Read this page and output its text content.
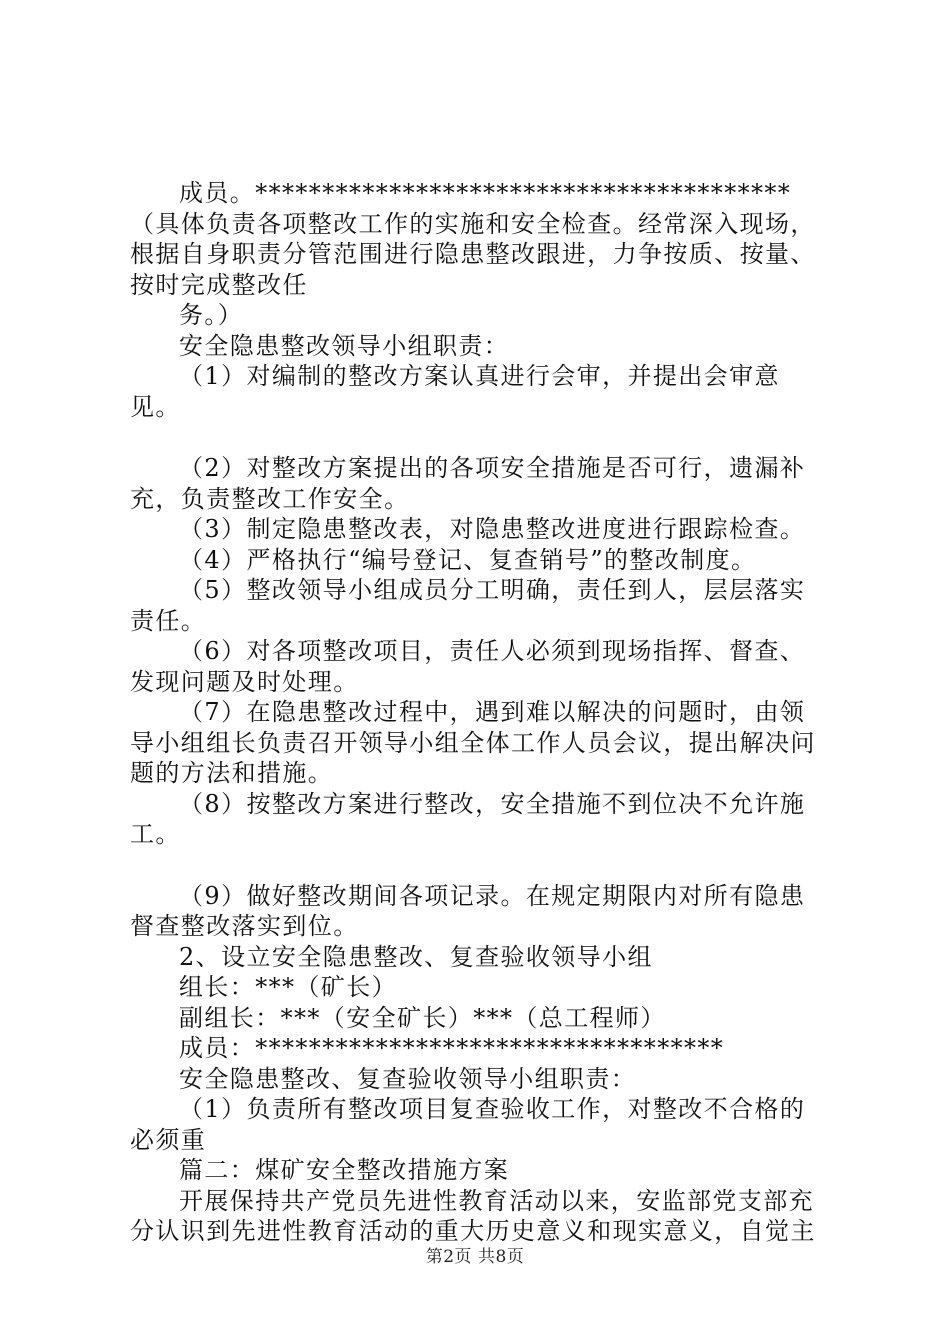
成员。****************************************（具体负责各项整改工作的实施和安全检查。经常深入现场，根据自身职责分管范围进行隐患整改跟进，力争按质、按量、按时完成整改任

务。）

安全隐患整改领导小组职责：

（1）对编制的整改方案认真进行会审，并提出会审意见。

（2）对整改方案提出的各项安全措施是否可行，遗漏补充，负责整改工作安全。

（3）制定隐患整改表，对隐患整改进度进行跟踪检查。

（4）严格执行“编号登记、复查销号”的整改制度。

（5）整改领导小组成员分工明确，责任到人，层层落实责任。

（6）对各项整改项目，责任人必须到现场指挥、督查、发现问题及时处理。

（7）在隐患整改过程中，遇到难以解决的问题时，由领导小组组长负责召开领导小组全体工作人员会议，提出解决问题的方法和措施。

（8）按整改方案进行整改，安全措施不到位决不允许施工。

（9）做好整改期间各项记录。在规定期限内对所有隐患督查整改落实到位。

2、设立安全隐患整改、复查验收领导小组

组长：***（矿长）

副组长：***（安全矿长）***（总工程师）

成员：***********************************

安全隐患整改、复查验收领导小组职责：

（1）负责所有整改项目复查验收工作，对整改不合格的必须重

篇二：煤矿安全整改措施方案

开展保持共产党员先进性教育活动以来，安监部党支部充分认识到先进性教育活动的重大历史意义和现实意义，自觉主

第2页 共8页
